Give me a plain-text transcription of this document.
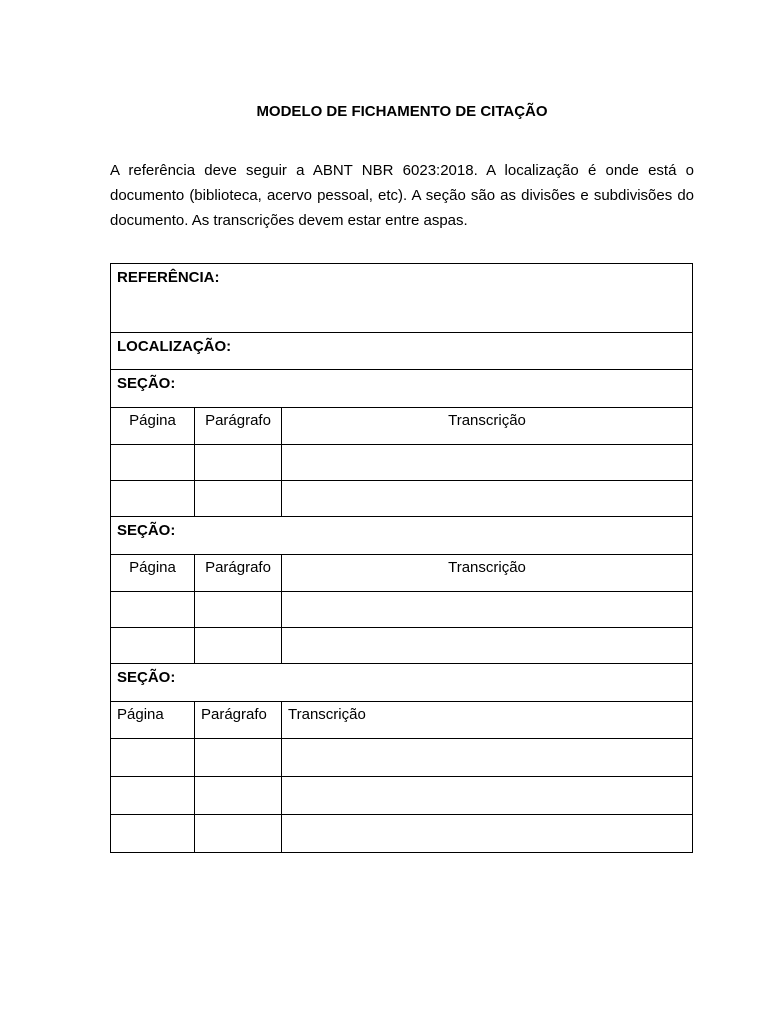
MODELO DE FICHAMENTO DE CITAÇÃO

A referência deve seguir a ABNT NBR 6023:2018. A localização é onde está o documento (biblioteca, acervo pessoal, etc). A seção são as divisões e subdivisões do documento. As transcrições devem estar entre aspas.

REFERÊNCIA:		
LOCALIZAÇÃO:		
SEÇÃO:		
Página	Parágrafo	Transcrição

SEÇÃO:		
Página	Parágrafo	Transcrição

SEÇÃO:		
Página	Parágrafo	Transcrição
